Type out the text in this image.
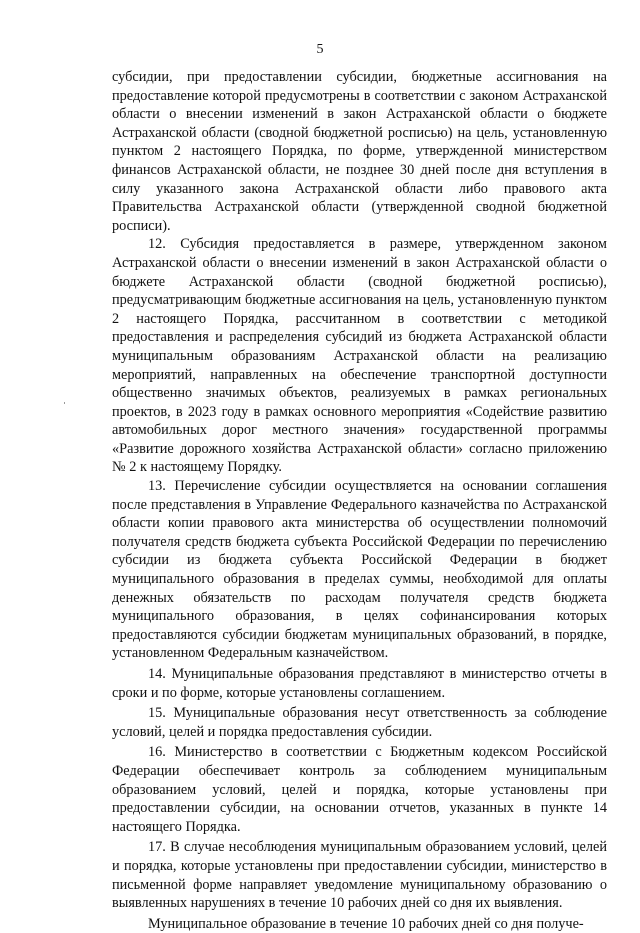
5

субсидии, при предоставлении субсидии, бюджетные ассигнования на предоставление которой предусмотрены в соответствии с законом Астраханской области о внесении изменений в закон Астраханской области о бюджете Астраханской области (сводной бюджетной росписью) на цель, установленную пунктом 2 настоящего Порядка, по форме, утвержденной министерством финансов Астраханской области, не позднее 30 дней после дня вступления в силу указанного закона Астраханской области либо правового акта Правительства Астраханской области (утвержденной сводной бюджетной росписи).

12. Субсидия предоставляется в размере, утвержденном законом Астраханской области о внесении изменений в закон Астраханской области о бюджете Астраханской области (сводной бюджетной росписью), предусматривающим бюджетные ассигнования на цель, установленную пунктом 2 настоящего Порядка, рассчитанном в соответствии с методикой предоставления и распределения субсидий из бюджета Астраханской области муниципальным образованиям Астраханской области на реализацию мероприятий, направленных на обеспечение транспортной доступности общественно значимых объектов, реализуемых в рамках региональных проектов, в 2023 году в рамках основного мероприятия «Содействие развитию автомобильных дорог местного значения» государственной программы «Развитие дорожного хозяйства Астраханской области» согласно приложению № 2 к настоящему Порядку.

13. Перечисление субсидии осуществляется на основании соглашения после представления в Управление Федерального казначейства по Астраханской области копии правового акта министерства об осуществлении полномочий получателя средств бюджета субъекта Российской Федерации по перечислению субсидии из бюджета субъекта Российской Федерации в бюджет муниципального образования в пределах суммы, необходимой для оплаты денежных обязательств по расходам получателя средств бюджета муниципального образования, в целях софинансирования которых предоставляются субсидии бюджетам муниципальных образований, в порядке, установленном Федеральным казначейством.

14. Муниципальные образования представляют в министерство отчеты в сроки и по форме, которые установлены соглашением.

15. Муниципальные образования несут ответственность за соблюдение условий, целей и порядка предоставления субсидии.

16. Министерство в соответствии с Бюджетным кодексом Российской Федерации обеспечивает контроль за соблюдением муниципальным образованием условий, целей и порядка, которые установлены при предоставлении субсидии, на основании отчетов, указанных в пункте 14 настоящего Порядка.

17. В случае несоблюдения муниципальным образованием условий, целей и порядка, которые установлены при предоставлении субсидии, министерство в письменной форме направляет уведомление муниципальному образованию о выявленных нарушениях в течение 10 рабочих дней со дня их выявления.

Муниципальное образование в течение 10 рабочих дней со дня получе-
